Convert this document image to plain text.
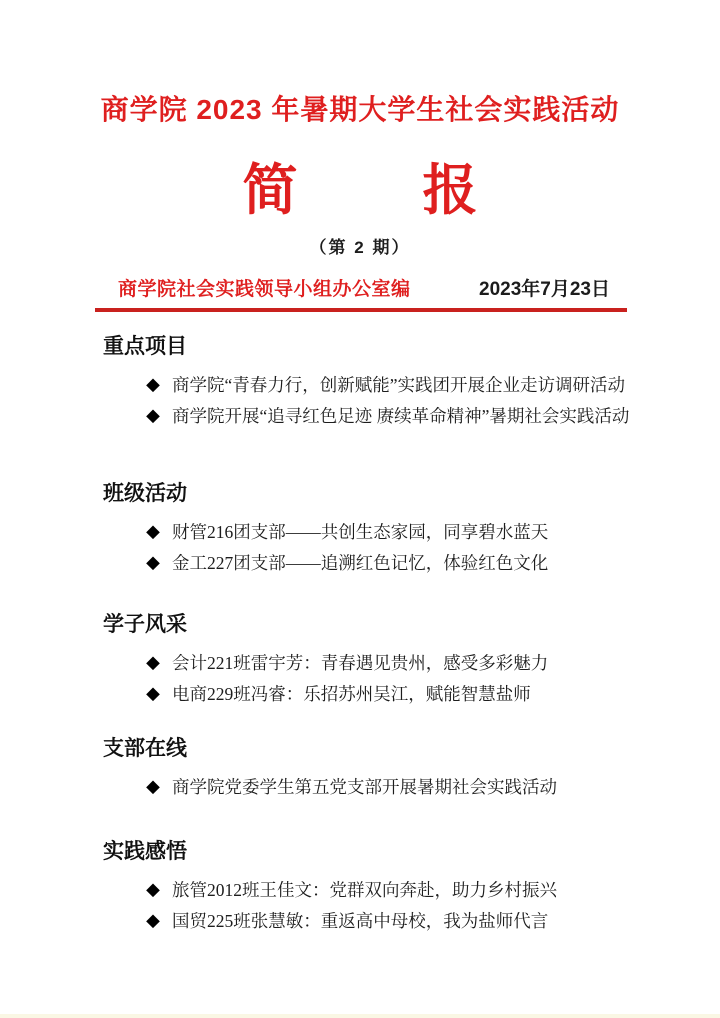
商学院 2023 年暑期大学生社会实践活动
简 报
（第 2 期）
商学院社会实践领导小组办公室编	2023年7月23日
重点项目
◆ 商学院“青春力行，创新赋能”实践团开展企业走访调研活动
◆ 商学院开展“追寻红色足迹 赓续革命精神”暑期社会实践活动
班级活动
◆ 财管216团支部——共创生态家园，同享碧水蓝天
◆ 金工227团支部——追溯红色记忆，体验红色文化
学子风采
◆ 会计221班雷宇芳：青春遇见贵州，感受多彩魅力
◆ 电商229班冯睿：乐招苏州吴江，赋能智慧盐师
支部在线
◆ 商学院党委学生第五党支部开展暑期社会实践活动
实践感悟
◆ 旅管2012班王佳文：党群双向奔赴，助力乡村振兴
◆ 国贸225班张慧敏：重返高中母校，我为盐师代言
